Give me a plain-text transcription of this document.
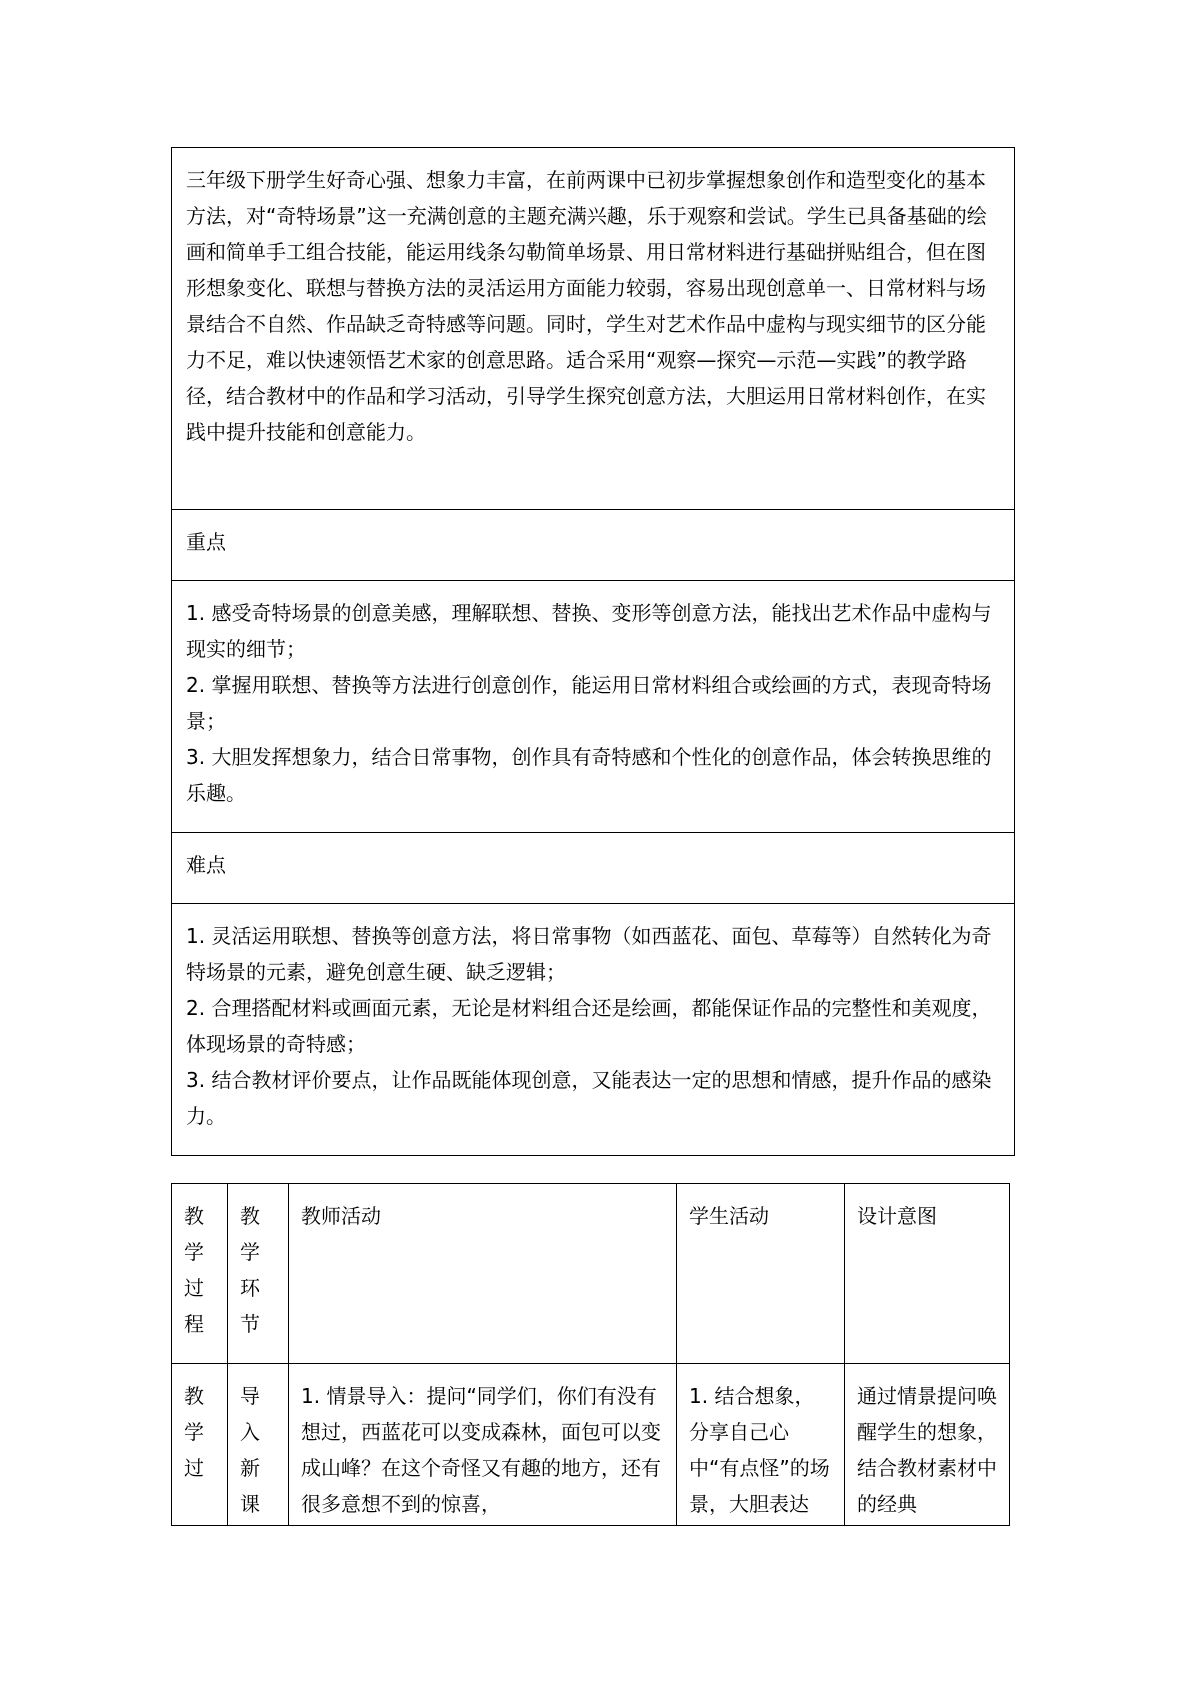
三年级下册学生好奇心强、想象力丰富，在前两课中已初步掌握想象创作和造型变化的基本方法，对“奇特场景”这一充满创意的主题充满兴趣，乐于观察和尝试。学生已具备基础的绘画和简单手工组合技能，能运用线条勾勒简单场景、用日常材料进行基础拼贴组合，但在图形想象变化、联想与替换方法的灵活运用方面能力较弱，容易出现创意单一、日常材料与场景结合不自然、作品缺乏奇特感等问题。同时，学生对艺术作品中虚构与现实细节的区分能力不足，难以快速领悟艺术家的创意思路。适合采用“观察—探究—示范—实践”的教学路径，结合教材中的作品和学习活动，引导学生探究创意方法，大胆运用日常材料创作，在实践中提升技能和创意能力。

重点

1. 感受奇特场景的创意美感，理解联想、替换、变形等创意方法，能找出艺术作品中虚构与现实的细节；

2. 掌握用联想、替换等方法进行创意创作，能运用日常材料组合或绘画的方式，表现奇特场景；

3. 大胆发挥想象力，结合日常事物，创作具有奇特感和个性化的创意作品，体会转换思维的乐趣。

难点

1. 灵活运用联想、替换等创意方法，将日常事物（如西蓝花、面包、草莓等）自然转化为奇特场景的元素，避免创意生硬、缺乏逻辑；

2. 合理搭配材料或画面元素，无论是材料组合还是绘画，都能保证作品的完整性和美观度，体现场景的奇特感；

3. 结合教材评价要点，让作品既能体现创意，又能表达一定的思想和情感，提升作品的感染力。

教
学
过
程	教
学
环
节	教师活动	学生活动	设计意图

教
学
过	导
入
新
课	1. 情景导入：提问“同学们，你们有没有想过，西蓝花可以变成森林，面包可以变成山峰？在这个奇怪又有趣的地方，还有很多意想不到的惊喜，	1. 结合想象，分享自己心中“有点怪”的场景，大胆表达	通过情景提问唤醒学生的想象，结合教材素材中的经典
